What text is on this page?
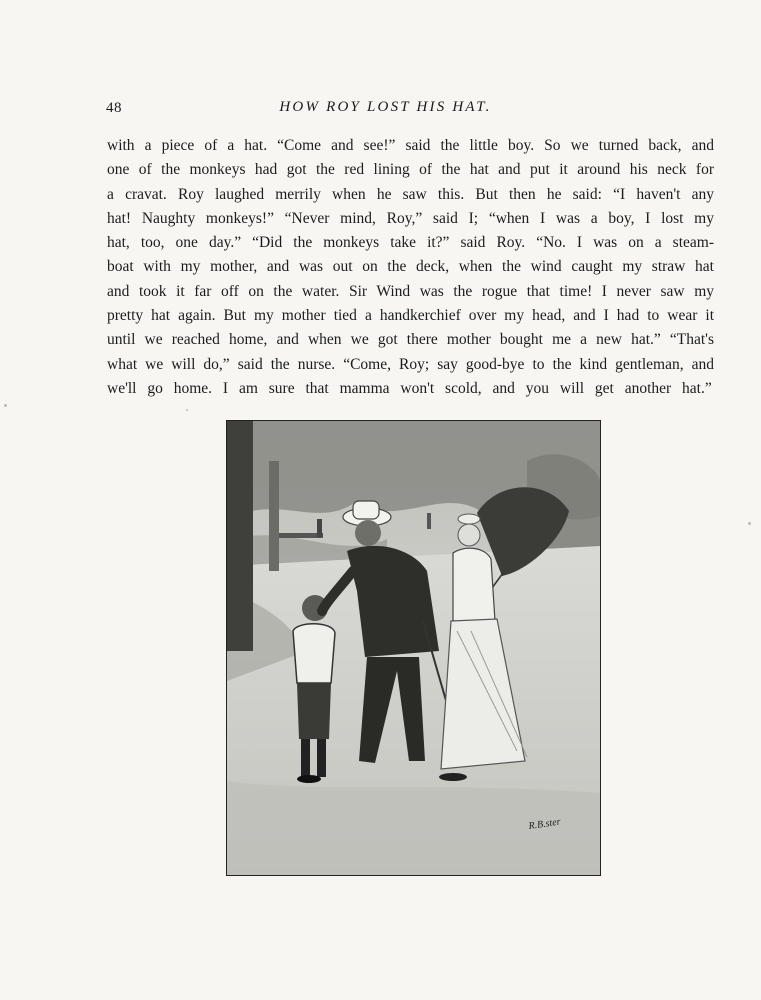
48	HOW ROY LOST HIS HAT.

with a piece of a hat. “Come and see!” said the little boy. So we turned back, and
one of the monkeys had got the red lining of the hat and put it around his neck for
a cravat. Roy laughed merrily when he saw this. But then he said: “I haven't any
hat! Naughty monkeys!” “Never mind, Roy,” said I; “when I was a boy, I lost my
hat, too, one day.” “Did the monkeys take it?” said Roy. “No. I was on a steam-
boat with my mother, and was out on the deck, when the wind caught my straw hat
and took it far off on the water. Sir Wind was the rogue that time! I never saw my
pretty hat again. But my mother tied a handkerchief over my head, and I had to wear it
until we reached home, and when we got there mother bought me a new hat.” “That's
what we will do,” said the nurse. “Come, Roy; say good-bye to the kind gentleman, and
we'll go home. I am sure that mamma won't scold, and you will get another hat.”

R.B.ster
